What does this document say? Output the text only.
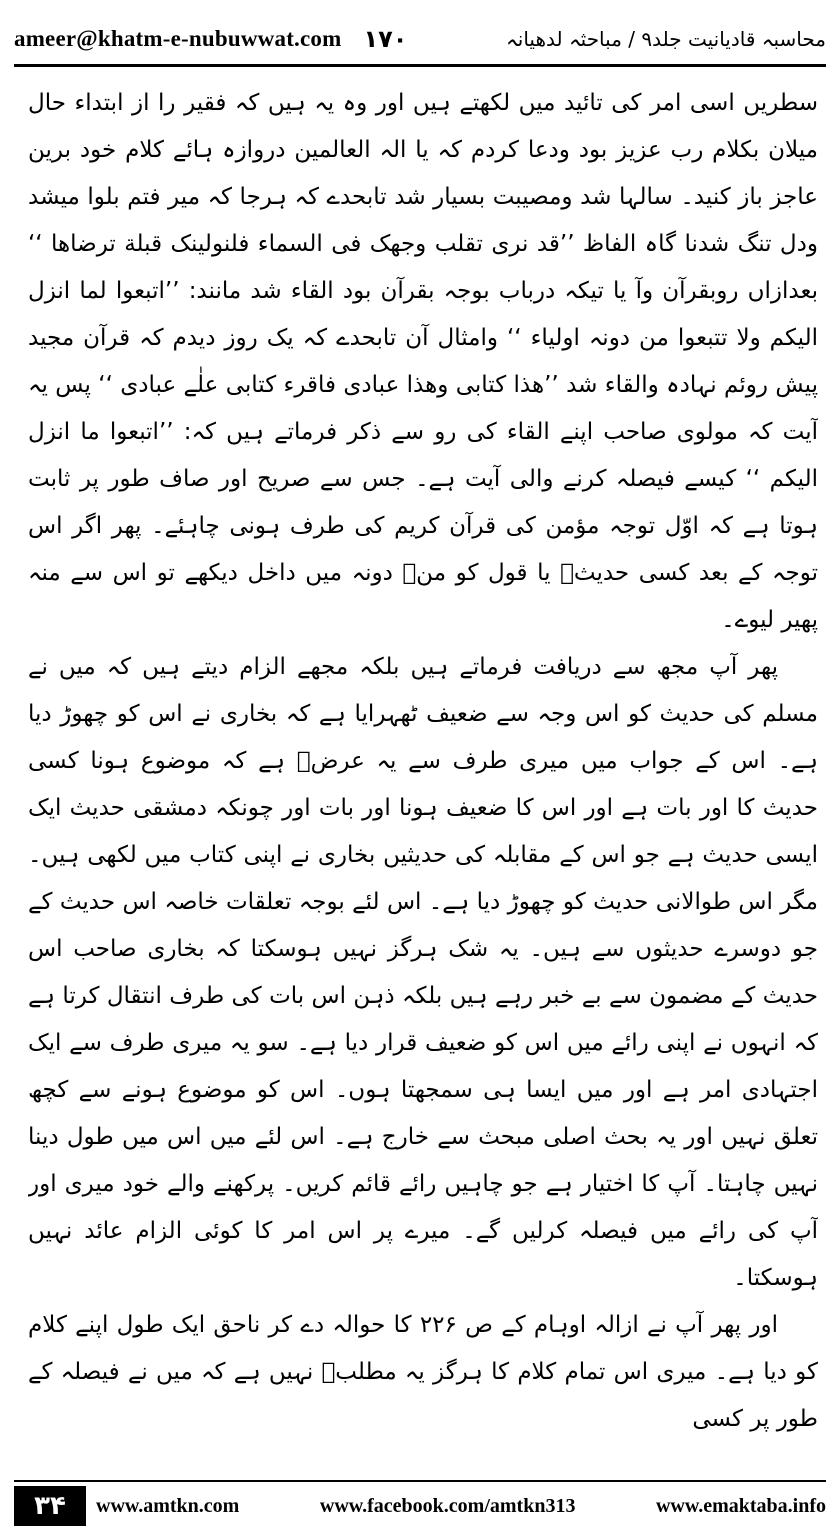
ameer@khatm-e-nubuwwat.com ۱۷۰	محاسبہ قادیانیت جلد۹ / مباحثہ لدھیانہ

سطریں اسی امر کی تائید میں لکھتے ہیں اور وہ یہ ہیں کہ فقیر را از ابتداء حال میلان بکلام رب عزیز بود ودعا کردم کہ یا الہ العالمین دروازہ ہائے کلام خود برین عاجز باز کنید۔ سالہا شد ومصیبت بسیار شد تابحدے کہ ہرجا کہ میر فتم بلوا میشد ودل تنگ شدنا گاہ الفاظ ’’قد نری تقلب وجھک فی السماء فلنولینک قبلة ترضاھا ‘‘ بعدازاں روبقرآن وآ یا تیکہ درباب بوجہ بقرآن بود القاء شد مانند: ’’اتبعوا لما انزل الیکم ولا تتبعوا من دونہ اولیاء ‘‘ وامثال آن تابحدے کہ یک روز دیدم کہ قرآن مجید پیش روئم نہادہ والقاء شد ’’ھذا کتابی وھذا عبادی فاقرء کتابی علٰے عبادی ‘‘ پس یہ آیت کہ مولوی صاحب اپنے القاء کی رو سے ذکر فرماتے ہیں کہ: ’’اتبعوا ما انزل الیکم ‘‘ کیسے فیصلہ کرنے والی آیت ہے۔ جس سے صریح اور صاف طور پر ثابت ہوتا ہے کہ اوّل توجہ مؤمن کی قرآن کریم کی طرف ہونی چاہئے۔ پھر اگر اس توجہ کے بعد کسی حدیثؒ یا قول کو منؒ دونہ میں داخل دیکھے تو اس سے منہ پھیر لیوے۔

پھر آپ مجھ سے دریافت فرماتے ہیں بلکہ مجھے الزام دیتے ہیں کہ میں نے مسلم کی حدیث کو اس وجہ سے ضعیف ٹھہرایا ہے کہ بخاری نے اس کو چھوڑ دیا ہے۔ اس کے جواب میں میری طرف سے یہ عرضؒ ہے کہ موضوع ہونا کسی حدیث کا اور بات ہے اور اس کا ضعیف ہونا اور بات اور چونکہ دمشقی حدیث ایک ایسی حدیث ہے جو اس کے مقابلہ کی حدیثیں بخاری نے اپنی کتاب میں لکھی ہیں۔ مگر اس طوالانی حدیث کو چھوڑ دیا ہے۔ اس لئے بوجہ تعلقات خاصہ اس حدیث کے جو دوسرے حدیثوں سے ہیں۔ یہ شک ہرگز نہیں ہوسکتا کہ بخاری صاحب اس حدیث کے مضمون سے بے خبر رہے ہیں بلکہ ذہن اس بات کی طرف انتقال کرتا ہے کہ انہوں نے اپنی رائے میں اس کو ضعیف قرار دیا ہے۔ سو یہ میری طرف سے ایک اجتہادی امر ہے اور میں ایسا ہی سمجھتا ہوں۔ اس کو موضوع ہونے سے کچھ تعلق نہیں اور یہ بحث اصلی مبحث سے خارج ہے۔ اس لئے میں اس میں طول دینا نہیں چاہتا۔ آپ کا اختیار ہے جو چاہیں رائے قائم کریں۔ پرکھنے والے خود میری اور آپ کی رائے میں فیصلہ کرلیں گے۔ میرے پر اس امر کا کوئی الزام عائد نہیں ہوسکتا۔

اور پھر آپ نے ازالہ اوہام کے ص ۲۲۶ کا حوالہ دے کر ناحق ایک طول اپنے کلام کو دیا ہے۔ میری اس تمام کلام کا ہرگز یہ مطلبؒ نہیں ہے کہ میں نے فیصلہ کے طور پر کسی

۳۴	www.amtkn.com	www.facebook.com/amtkn313	www.emaktaba.info
